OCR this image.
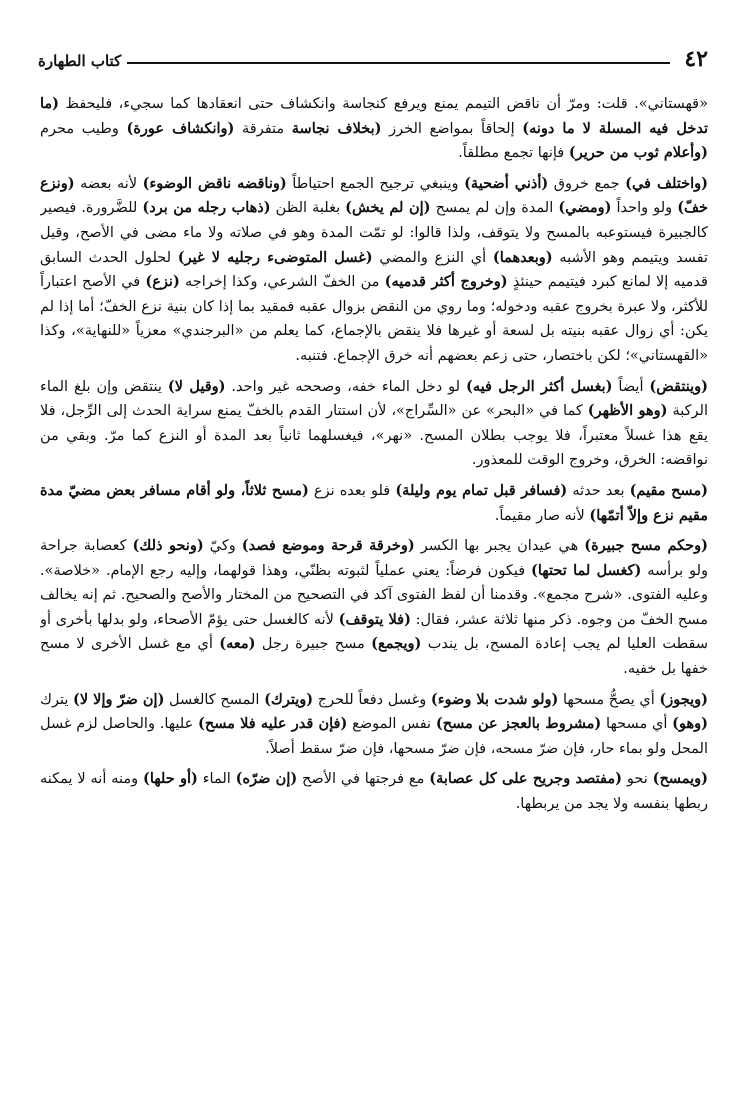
٤٢
كتاب الطهارة

«قهستاني». قلت: ومرّ أن ناقض التيمم يمنع ويرفع كنجاسة وانكشاف حتى انعقادها كما سجيء، فليحفظ (ما تدخل فيه المسلة لا ما دونه) إلحاقاً بمواضع الخرز (بخلاف نجاسة متفرقة (وانكشاف عورة) وطيب محرم (وأعلام ثوب من حرير) فإنها تجمع مطلقاً.

(واختلف في) جمع خروق (أذني أضحية) وينبغي ترجيح الجمع احتياطاً (وناقضه ناقض الوضوء) لأنه بعضه (ونزع خفّ) ولو واحداً (ومضي) المدة وإن لم يمسح (إن لم يخش) بغلبة الظن (ذهاب رجله من برد) للضَّرورة. فيصير كالجبيرة فيستوعبه بالمسح ولا يتوقف، ولذا قالوا: لو تمّت المدة وهو في صلاته ولا ماء مضى في الأصح، وقيل تفسد ويتيمم وهو الأشبه (وبعدهما) أي النزع والمضي (غسل المتوضىء رجليه لا غير) لحلول الحدث السابق قدميه إلا لمانع كبرد فيتيمم حينئذٍ (وخروج أكثر قدميه) من الخفّ الشرعي، وكذا إخراجه (نزع) في الأصح اعتباراً للأكثر، ولا عبرة بخروج عقبه ودخوله؛ وما روي من النقض بزوال عقبه فمقيد بما إذا كان بنية نزع الخفّ؛ أما إذا لم يكن: أي زوال عقبه بنيته بل لسعة أو غيرها فلا ينقض بالإجماع، كما يعلم من «البرجندي» معزياً «للنهاية»، وكذا «القهستاني»؛ لكن باختصار، حتى زعم بعضهم أنه خرق الإجماع. فتنبه.

(وينتقض) أيضاً (بغسل أكثر الرجل فيه) لو دخل الماء خفه، وصححه غير واحد. (وقيل لا) ينتقض وإن بلغ الماء الركبة (وهو الأظهر) كما في «البحر» عن «السِّراج»، لأن استتار القدم بالخفّ يمنع سراية الحدث إلى الرِّجل، فلا يقع هذا غسلاً معتبراً، فلا يوجب بطلان المسح. «نهر»، فيغسلهما ثانياً بعد المدة أو النزع كما مرّ. وبقي من نواقضه: الخرق، وخروج الوقت للمعذور.

(مسح مقيم) بعد حدثه (فسافر قبل تمام يوم وليلة) فلو بعده نزع (مسح ثلاثاً، ولو أقام مسافر بعض مضيّ مدة مقيم نزع وإلاّ أتمّها) لأنه صار مقيماً.

(وحكم مسح جبيرة) هي عيدان يجبر بها الكسر (وخرقة قرحة وموضع فصد) وكيّ (ونحو ذلك) كعصابة جراحة ولو برأسه (كغسل لما تحتها) فيكون فرضاً: يعني عملياً لثبوته بظنّي، وهذا قولهما، وإليه رجع الإمام. «خلاصة». وعليه الفتوى. «شرح مجمع». وقدمنا أن لفظ الفتوى آكد في التصحيح من المختار والأصح والصحيح. ثم إنه يخالف مسح الخفّ من وجوه. ذكر منها ثلاثة عشر، فقال: (فلا يتوقف) لأنه كالغسل حتى يؤمّ الأصحاء، ولو بدلها بأخرى أو سقطت العليا لم يجب إعادة المسح، بل يندب (ويجمع) مسح جبيرة رجل (معه) أي مع غسل الأخرى لا مسح خفها بل خفيه.

(ويجوز) أي يصحُّ مسحها (ولو شدت بلا وضوء) وغسل دفعاً للحرج (ويترك) المسح كالغسل (إن ضرّ وإلا لا) يترك (وهو) أي مسحها (مشروط بالعجز عن مسح) نفس الموضع (فإن قدر عليه فلا مسح) عليها. والحاصل لزم غسل المحل ولو بماء حار، فإن ضرّ مسحه، فإن ضرّ مسحها، فإن ضرّ سقط أصلاً.

(ويمسح) نحو (مفتصد وجريح على كل عصابة) مع فرجتها في الأصح (إن ضرّه) الماء (أو حلها) ومنه أنه لا يمكنه ربطها بنفسه ولا يجد من يربطها.
